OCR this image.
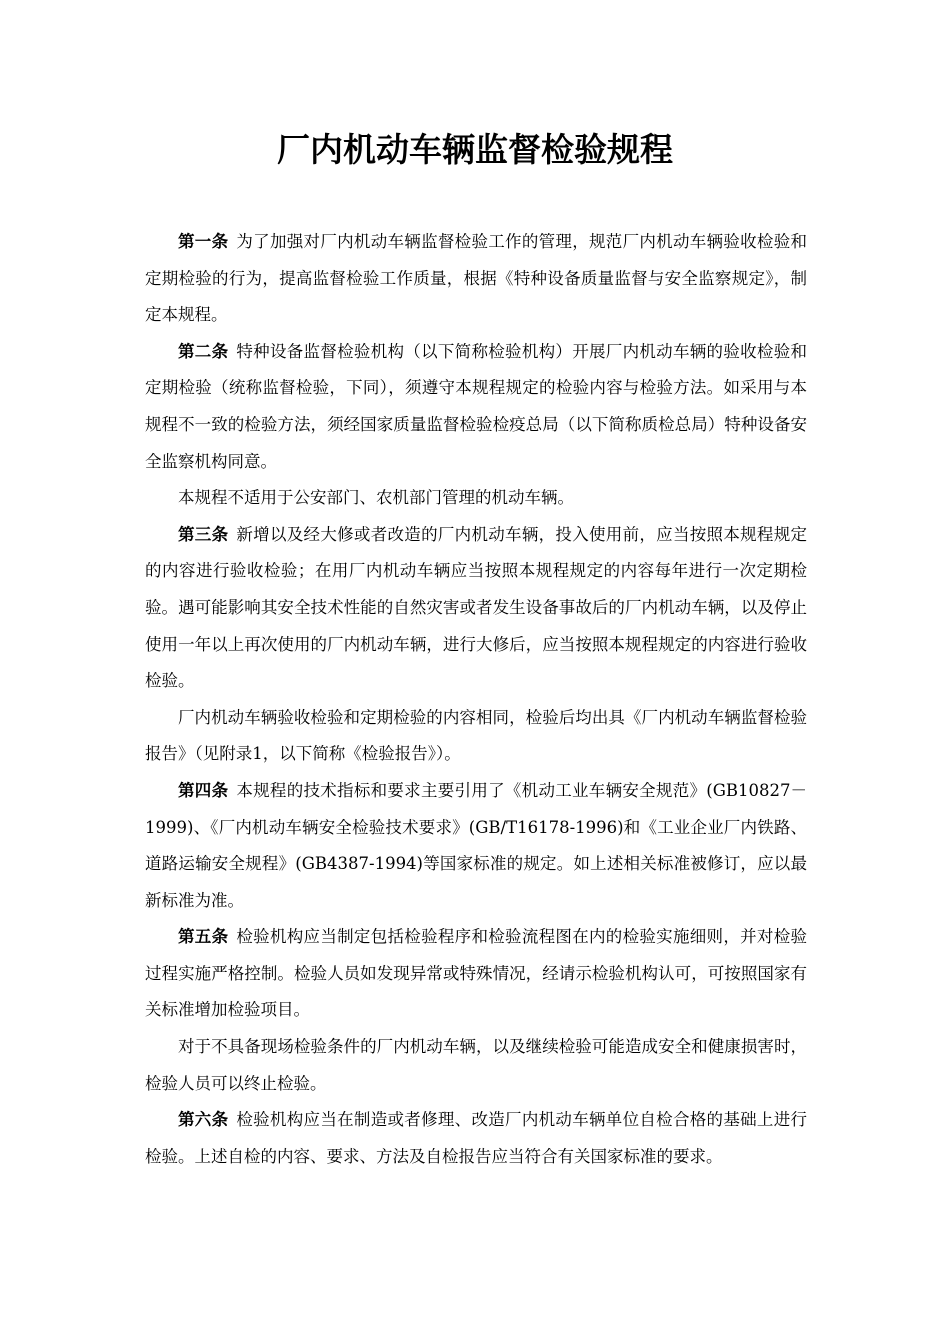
厂内机动车辆监督检验规程

第一条 为了加强对厂内机动车辆监督检验工作的管理，规范厂内机动车辆验收检验和定期检验的行为，提高监督检验工作质量，根据《特种设备质量监督与安全监察规定》，制定本规程。

第二条 特种设备监督检验机构（以下简称检验机构）开展厂内机动车辆的验收检验和定期检验（统称监督检验，下同），须遵守本规程规定的检验内容与检验方法。如采用与本规程不一致的检验方法，须经国家质量监督检验检疫总局（以下简称质检总局）特种设备安全监察机构同意。

本规程不适用于公安部门、农机部门管理的机动车辆。

第三条 新增以及经大修或者改造的厂内机动车辆，投入使用前，应当按照本规程规定的内容进行验收检验；在用厂内机动车辆应当按照本规程规定的内容每年进行一次定期检验。遇可能影响其安全技术性能的自然灾害或者发生设备事故后的厂内机动车辆，以及停止使用一年以上再次使用的厂内机动车辆，进行大修后，应当按照本规程规定的内容进行验收检验。

厂内机动车辆验收检验和定期检验的内容相同，检验后均出具《厂内机动车辆监督检验报告》（见附录1，以下简称《检验报告》）。

第四条 本规程的技术指标和要求主要引用了《机动工业车辆安全规范》(GB10827－1999)、《厂内机动车辆安全检验技术要求》(GB/T16178-1996)和《工业企业厂内铁路、道路运输安全规程》(GB4387-1994)等国家标准的规定。如上述相关标准被修订，应以最新标准为准。

第五条 检验机构应当制定包括检验程序和检验流程图在内的检验实施细则，并对检验过程实施严格控制。检验人员如发现异常或特殊情况，经请示检验机构认可，可按照国家有关标准增加检验项目。

对于不具备现场检验条件的厂内机动车辆，以及继续检验可能造成安全和健康损害时，检验人员可以终止检验。

第六条 检验机构应当在制造或者修理、改造厂内机动车辆单位自检合格的基础上进行检验。上述自检的内容、要求、方法及自检报告应当符合有关国家标准的要求。
